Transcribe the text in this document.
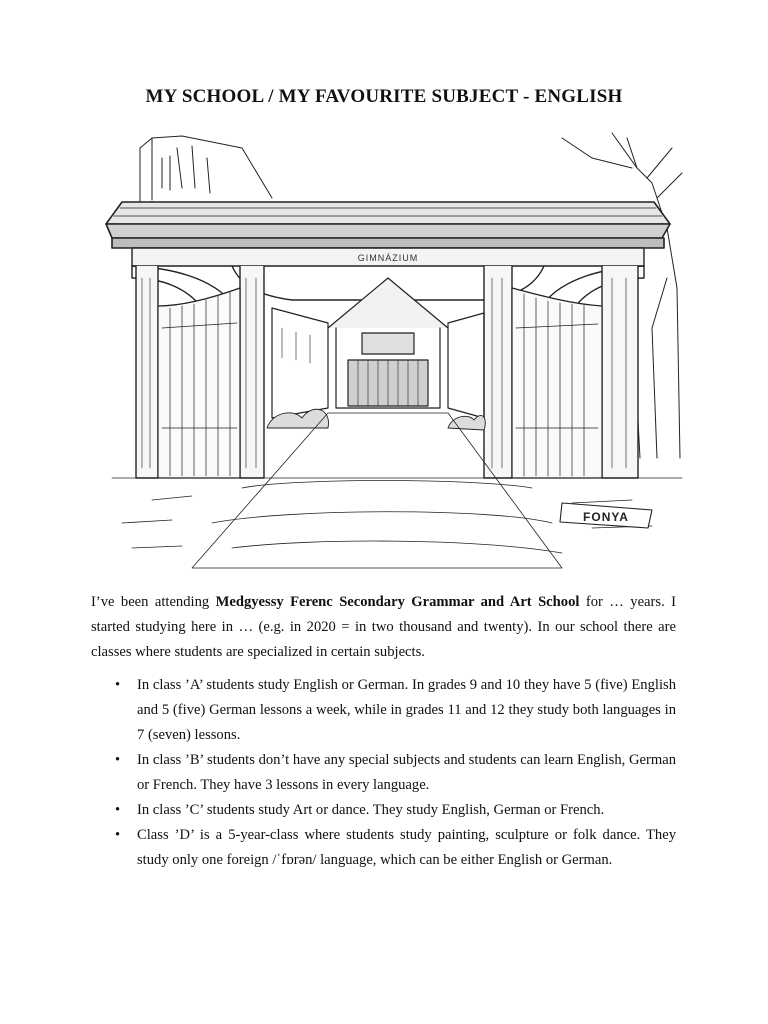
MY SCHOOL / MY FAVOURITE SUBJECT - ENGLISH
GIMNÁZIUM
FONYA

I’ve been attending Medgyessy Ferenc Secondary Grammar and Art School for … years. I started studying here in … (e.g. in 2020 = in two thousand and twenty). In our school there are classes where students are specialized in certain subjects.

• In class ’A’ students study English or German. In grades 9 and 10 they have 5 (five) English and 5 (five) German lessons a week, while in grades 11 and 12 they study both languages in 7 (seven) lessons.
• In class ’B’ students don’t have any special subjects and students can learn English, German or French. They have 3 lessons in every language.
• In class ’C’ students study Art or dance. They study English, German or French.
• Class ’D’ is a 5-year-class where students study painting, sculpture or folk dance. They study only one foreign /ˈfɒrən/ language, which can be either English or German.
